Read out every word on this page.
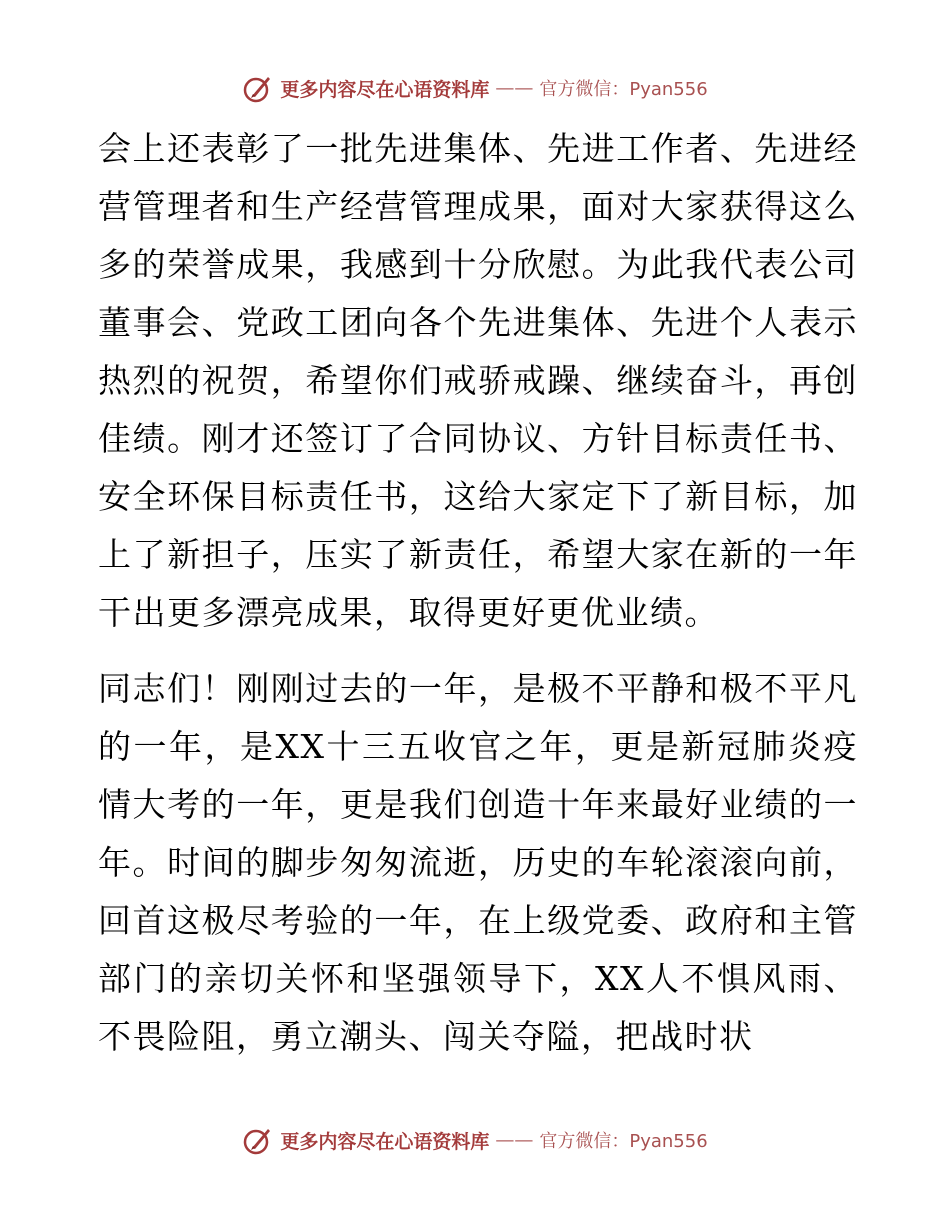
更多内容尽在心语资料库 —— 官方微信：Pyan556

会上还表彰了一批先进集体、先进工作者、先进经营管理者和生产经营管理成果，面对大家获得这么多的荣誉成果，我感到十分欣慰。为此我代表公司董事会、党政工团向各个先进集体、先进个人表示热烈的祝贺，希望你们戒骄戒躁、继续奋斗，再创佳绩。刚才还签订了合同协议、方针目标责任书、安全环保目标责任书，这给大家定下了新目标，加上了新担子，压实了新责任，希望大家在新的一年干出更多漂亮成果，取得更好更优业绩。

同志们！刚刚过去的一年，是极不平静和极不平凡的一年，是XX十三五收官之年，更是新冠肺炎疫情大考的一年，更是我们创造十年来最好业绩的一年。时间的脚步匆匆流逝，历史的车轮滚滚向前，回首这极尽考验的一年，在上级党委、政府和主管部门的亲切关怀和坚强领导下，XX人不惧风雨、不畏险阻，勇立潮头、闯关夺隘，把战时状

更多内容尽在心语资料库 —— 官方微信：Pyan556
